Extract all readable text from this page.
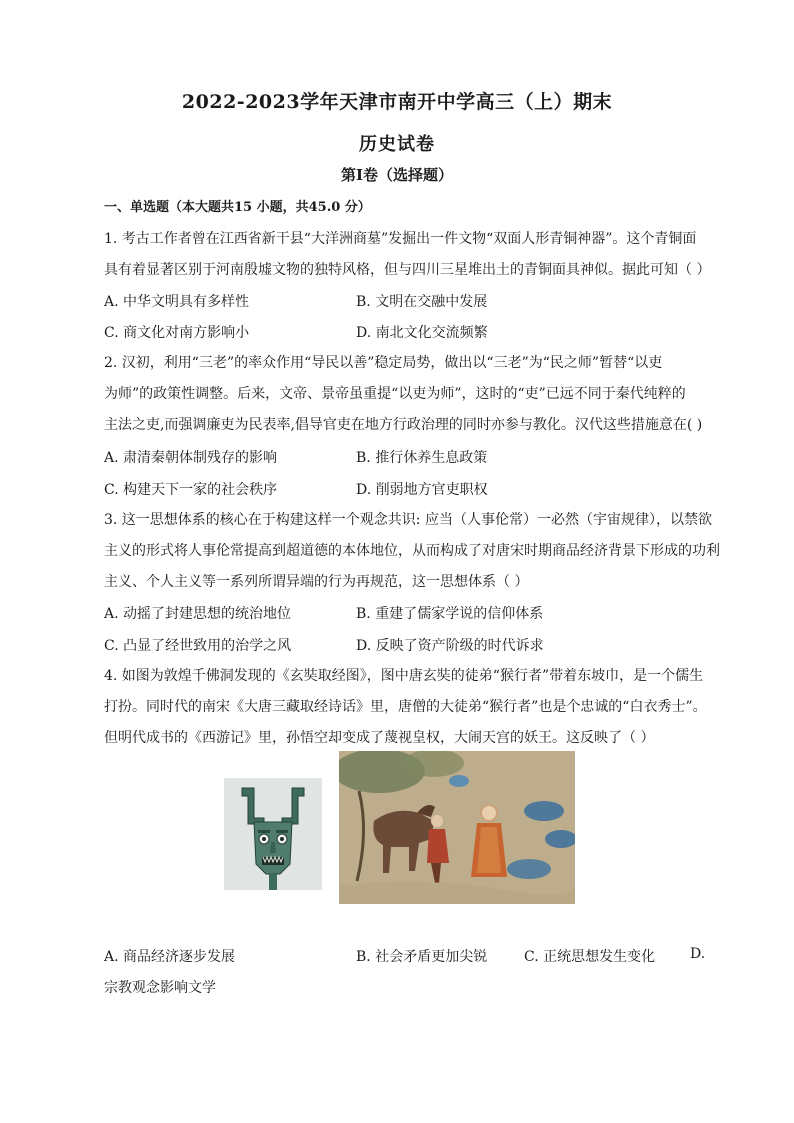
2022-2023学年天津市南开中学高三（上）期末
历史试卷
第I卷（选择题）
一、单选题（本大题共15 小题，共45.0 分）
1. 考古工作者曾在江西省新干县“大洋洲商墓”发掘出一件文物“双面人形青铜神器”。这个青铜面
具有着显著区别于河南殷墟文物的独特风格，但与四川三星堆出土的青铜面具神似。据此可知（ ）
A. 中华文明具有多样性	B. 文明在交融中发展
C. 商文化对南方影响小	D. 南北文化交流频繁
2. 汉初，利用“三老”的率众作用“导民以善”稳定局势，做出以“三老”为“民之师”暂替“以吏
为师”的政策性调整。后来，文帝、景帝虽重提“以吏为师”，这时的“吏”已远不同于秦代纯粹的
主法之吏,而强调廉吏为民表率,倡导官吏在地方行政治理的同时亦参与教化。汉代这些措施意在( )
A. 肃清秦朝体制残存的影响	B. 推行休养生息政策
C. 构建天下一家的社会秩序	D. 削弱地方官吏职权
3. 这一思想体系的核心在于构建这样一个观念共识: 应当（人事伦常）一必然（宇宙规律），以禁欲
主义的形式将人事伦常提高到超道德的本体地位，从而构成了对唐宋时期商品经济背景下形成的功利
主义、个人主义等一系列所谓异端的行为再规范，这一思想体系（ ）
A. 动摇了封建思想的统治地位	B. 重建了儒家学说的信仰体系
C. 凸显了经世致用的治学之风	D. 反映了资产阶级的时代诉求
4. 如图为敦煌千佛洞发现的《玄奘取经图》，图中唐玄奘的徒弟“猴行者”带着东坡巾，是一个儒生
打扮。同时代的南宋《大唐三藏取经诗话》里，唐僧的大徒弟“猴行者”也是个忠诚的“白衣秀士”。
但明代成书的《西游记》里，孙悟空却变成了蔑视皇权，大闹天宫的妖王。这反映了（ ）
A. 商品经济逐步发展	B. 社会矛盾更加尖锐	C. 正统思想发生变化 D.
宗教观念影响文学
